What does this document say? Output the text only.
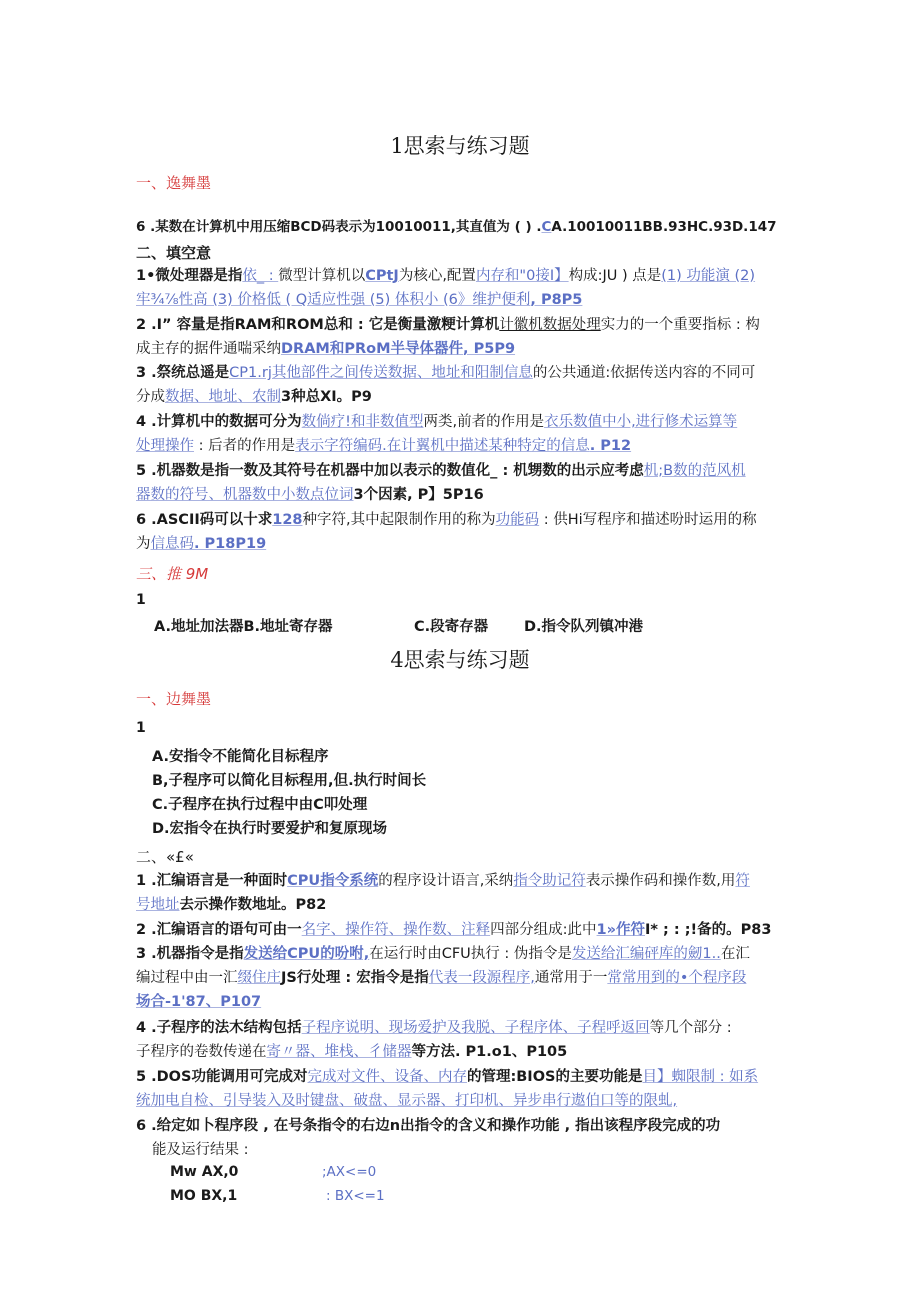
1思索与练习题
一、逸舞墨
6 .某数在计算机中用压缩BCD码表示为10010011,其直值为 ( ) .CA.10010011BB.93HC.93D.147
二、填空意
1•微处理器是指依_ : 微型计算机以CPtJ为核心,配置内存和"0接I】构成:JU ) 点是(1) 功能演 (2)
牢¾⅞性高 (3) 价格低 ( Q适应性强 (5) 体积小 (6》维护便利, P8P5
2 .I” 容量是指RAM和ROM总和 : 它是衡量激粳计算机计徽机数据处理实力的一个重要指标 : 构
成主存的据件通喘采纳DRAM和PRoM半导体器件, P5P9
3 .祭统总遥是CP1.rj其他部件之间传送数据、地址和阳制信息的公共通道:依据传送内容的不同可
分成数据、地址、农制3种总XI。P9
4 .计算机中的数据可分为数倘疗!和非数值型两类,前者的作用是衣乐数值中小,进行修术运算等
处理操作 : 后者的作用是表示字符编码.在计翼机中描述某种特定的信息. P12
5 .机器数是指一数及其符号在机器中加以表示的数值化_ : 机甥数的出示应考虑机;B数的范风机
器数的符号、机器数中小数点位词3个因素, P】5P16
6 .ASCII码可以十求128种字符,其中起限制作用的称为功能码 : 供Hi写程序和描述吩时运用的称
为信息码. P18P19
三、推 9M
1
A.地址加法器B.地址寄存器	C.段寄存器 D.指令队列镇冲港
4思索与练习题
一、边舞墨
1
A.安指令不能简化目标程序
B,子程序可以简化目标程用,但.执行时间长
C.子程序在执行过程中由C叩处理
D.宏指令在执行时要爱护和复原现场
二、«£«
1 .汇编语言是一种面时CPU指令系统的程序设计语言,采纳指令助记符表示操作码和操作数,用符
号地址去示操作数地址。P82
2 .汇编语言的语句可由一名字、操作符、操作数、注释四部分组成:此中1»作符I* ; : ;!备的。P83
3 .机器指令是指发送给CPU的吩咐,在运行时由CFU执行 : 伪指令是发送给汇编砰库的劒1..在汇
编过程中由一汇缀住庄JS行处理 : 宏指令是指代表一段源程序,通常用于一常常用到的•个程序段
场合-1'87、P107
4 .子程序的法木结构包括子程序说明、现场爱护及我脱、子程序体、子程呼返回等几个部分 :
子程序的卷数传递在寄〃器、堆栈、彳储器等方法. P1.o1、P105
5 .DOS功能调用可完成对完成对文件、设备、内存的管理:BIOS的主要功能是目】蜘限制 : 如系
统加电自检、引导装入及时键盘、破盘、显示器、打印机、异步串行遨伯口等的限虬,
6 .给定如卜程序段 , 在号条指令的右边n出指令的含义和操作功能 , 指出该程序段完成的功
能及运行结果 :
Mw AX,0	;AX<=0
MO BX,1	: BX<=1
